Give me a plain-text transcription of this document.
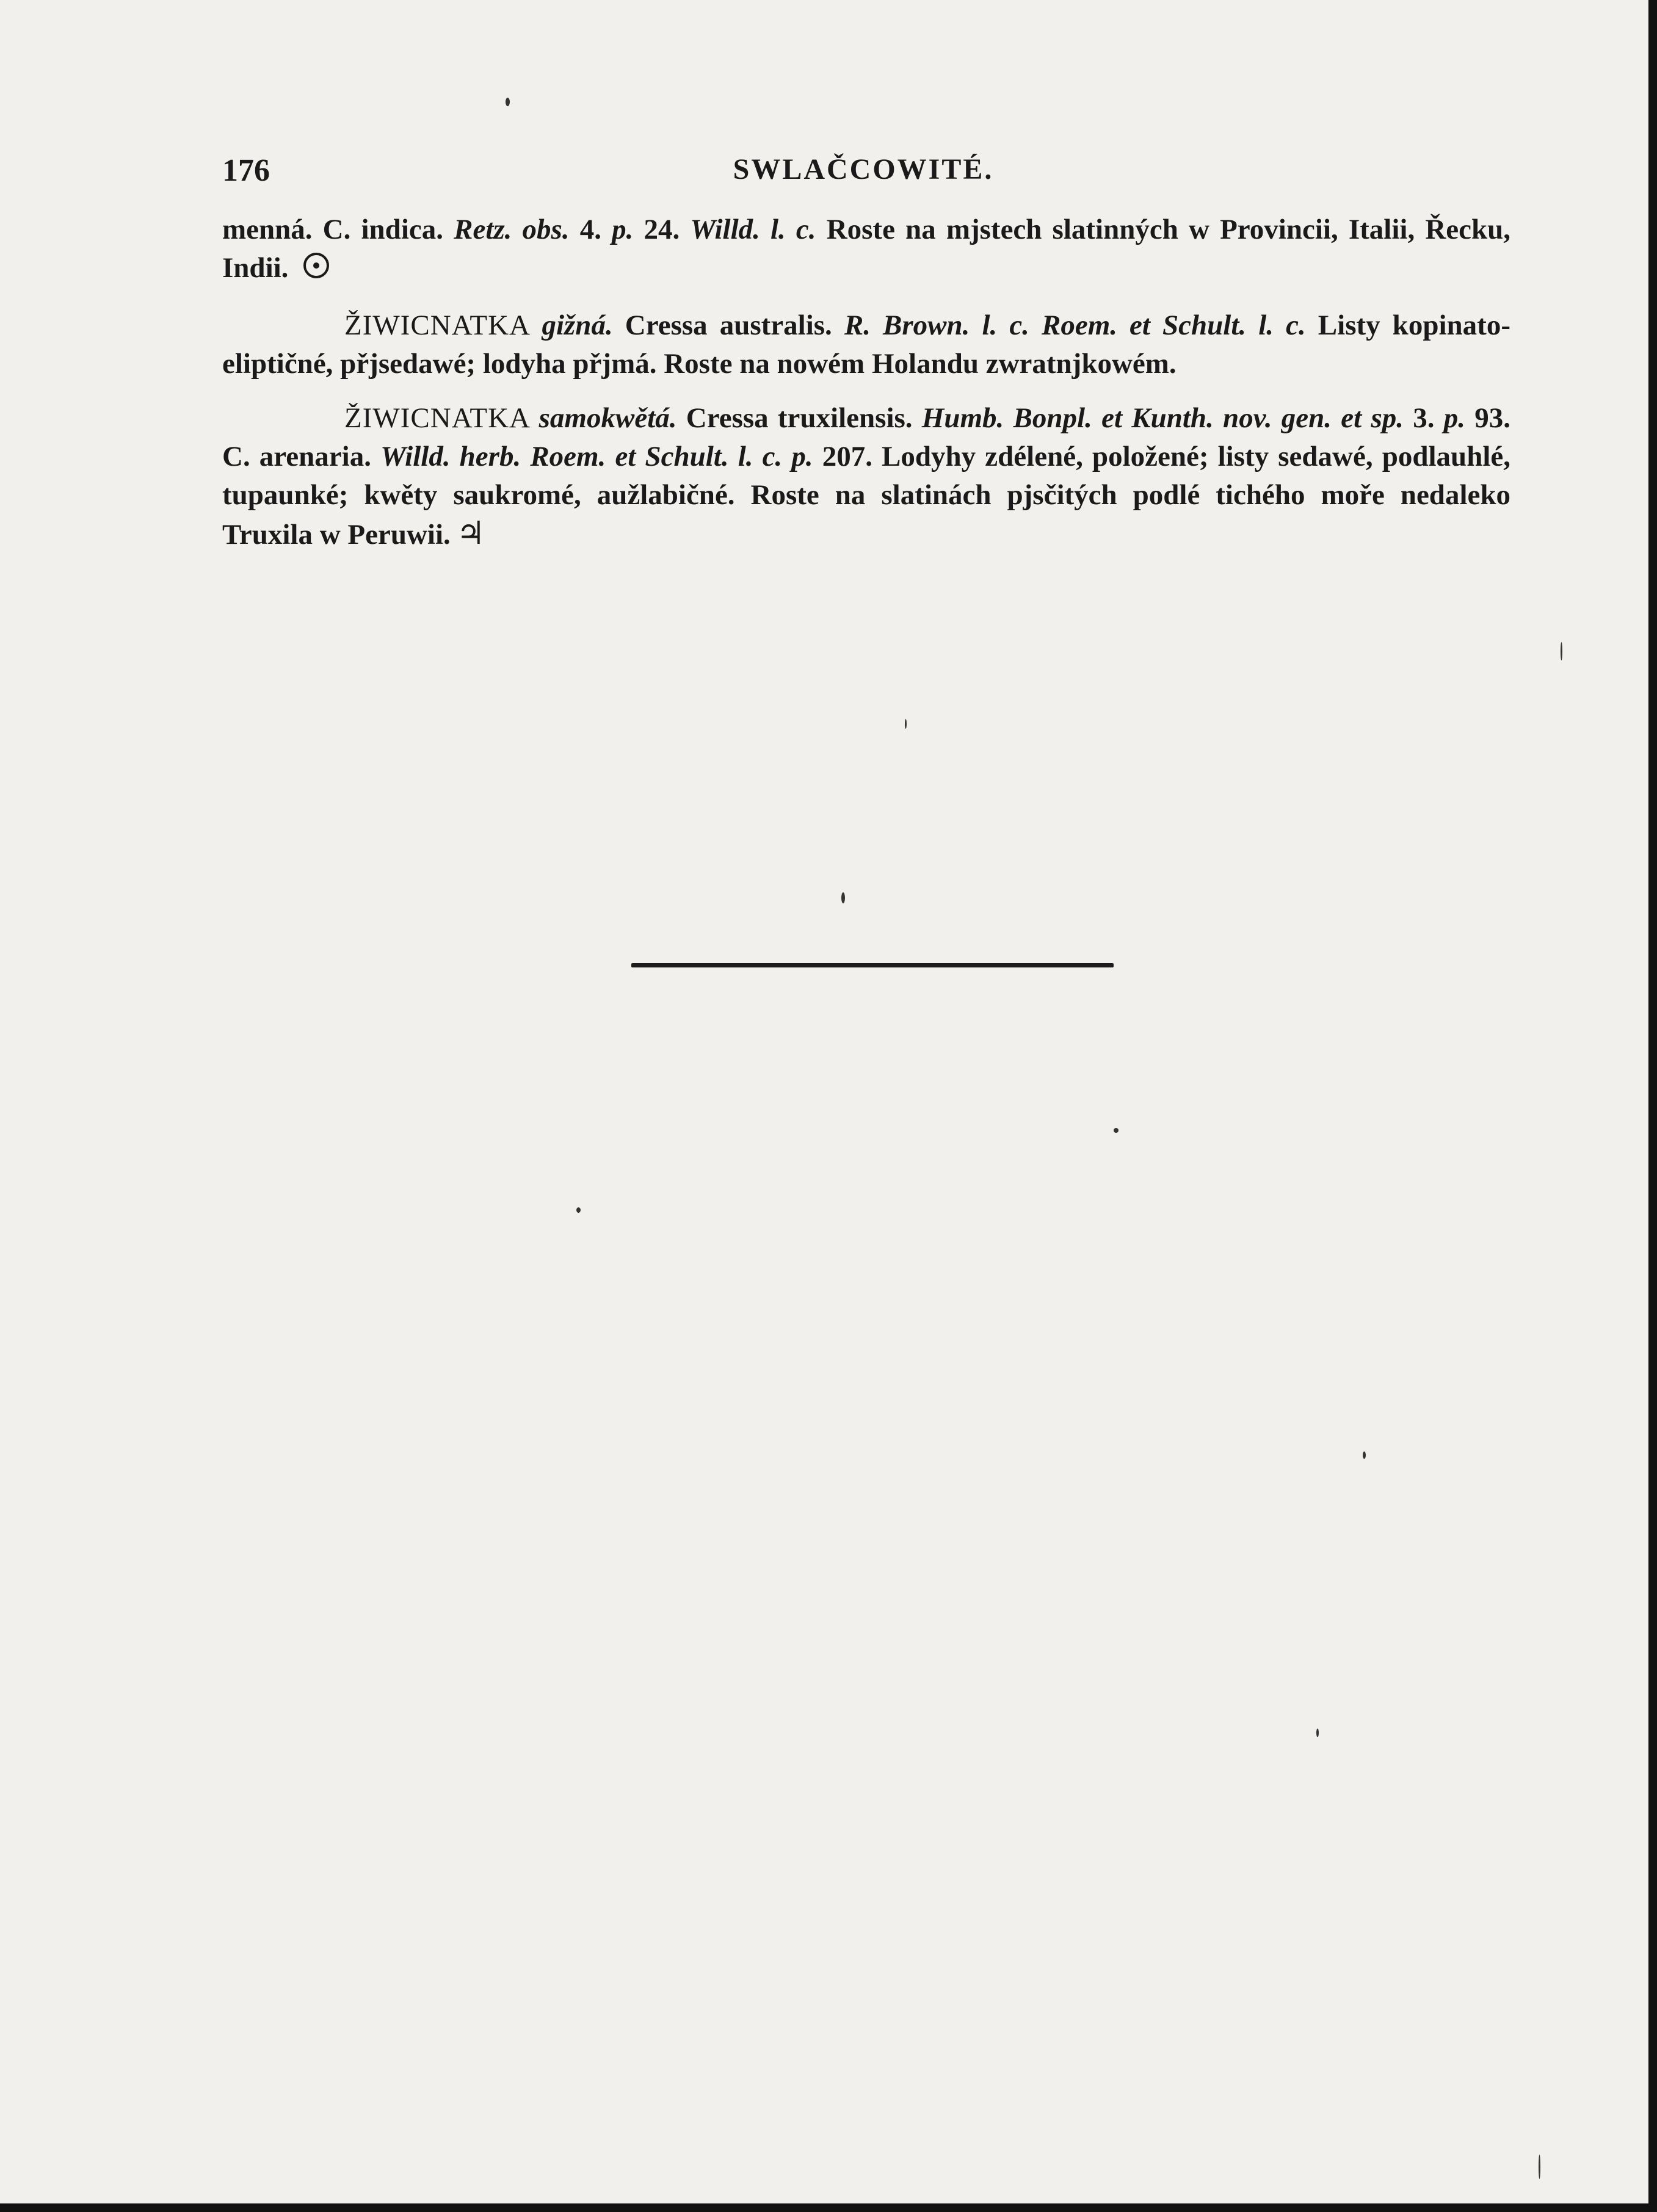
176	SWLAČCOWITÉ.

menná. C. indica. Retz. obs. 4. p. 24. Willd. l. c. Roste na mjstech slatinných w Provincii, Italii, Řecku, Indii.

ŽIWICNATKA gižná. Cressa australis. R. Brown. l. c. Roem. et Schult. l. c. Listy kopinato-eliptičné, přjsedawé; lodyha přjmá. Roste na nowém Holandu zwratnjkowém.

ŽIWICNATKA samokwětá. Cressa truxilensis. Humb. Bonpl. et Kunth. nov. gen. et sp. 3. p. 93. C. arenaria. Willd. herb. Roem. et Schult. l. c. p. 207. Lodyhy zdélené, položené; listy sedawé, podlauhlé, tupaunké; kwěty saukromé, aužlabičné. Roste na slatinách pjsčitých podlé tichého moře nedaleko Truxila w Peruwii. ♃
